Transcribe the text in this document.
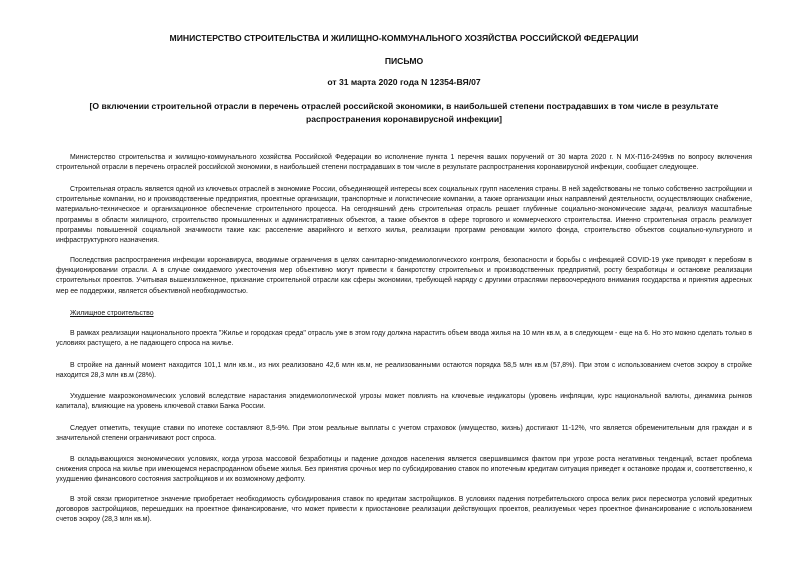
МИНИСТЕРСТВО СТРОИТЕЛЬСТВА И ЖИЛИЩНО-КОММУНАЛЬНОГО ХОЗЯЙСТВА РОССИЙСКОЙ ФЕДЕРАЦИИ
ПИСЬМО
от 31 марта 2020 года N 12354-ВЯ/07
[О включении строительной отрасли в перечень отраслей российской экономики, в наибольшей степени пострадавших в том числе в результате распространения коронавирусной инфекции]

Министерство строительства и жилищно-коммунального хозяйства Российской Федерации во исполнение пункта 1 перечня ваших поручений от 30 марта 2020 г. N МХ-П16-2499кв по вопросу включения строительной отрасли в перечень отраслей российской экономики, в наибольшей степени пострадавших в том числе в результате распространения коронавирусной инфекции, сообщает следующее.

Строительная отрасль является одной из ключевых отраслей в экономике России, объединяющей интересы всех социальных групп населения страны. В ней задействованы не только собственно застройщики и строительные компании, но и производственные предприятия, проектные организации, транспортные и логистические компании, а также организации иных направлений деятельности, осуществляющих снабжение, материально-техническое и организационное обеспечение строительного процесса. На сегодняшний день строительная отрасль решает глубинные социально-экономические задачи, реализуя масштабные программы в области жилищного, строительство промышленных и административных объектов, а также объектов в сфере торгового и коммерческого строительства. Именно строительная отрасль реализует программы повышенной социальной значимости такие как: расселение аварийного и ветхого жилья, реализации программ реновации жилого фонда, строительство объектов социально-культурного и инфраструктурного назначения.

Последствия распространения инфекции коронавируса, вводимые ограничения в целях санитарно-эпидемиологического контроля, безопасности и борьбы с инфекцией COVID-19 уже приводят к перебоям в функционировании отрасли. А в случае ожидаемого ужесточения мер объективно могут привести к банкротству строительных и производственных предприятий, росту безработицы и остановке реализации строительных проектов. Учитывая вышеизложенное, признание строительной отрасли как сферы экономики, требующей наряду с другими отраслями первоочередного внимания государства и принятия адресных мер ее поддержки, является объективной необходимостью.

Жилищное строительство

В рамках реализации национального проекта "Жилье и городская среда" отрасль уже в этом году должна нарастить объем ввода жилья на 10 млн кв.м, а в следующем - еще на 6. Но это можно сделать только в условиях растущего, а не падающего спроса на жилье.

В стройке на данный момент находится 101,1 млн кв.м., из них реализовано 42,6 млн кв.м, не реализованными остаются порядка 58,5 млн кв.м (57,8%). При этом с использованием счетов эскроу в стройке находится 28,3 млн кв.м (28%).

Ухудшение макроэкономических условий вследствие нарастания эпидемиологической угрозы может повлиять на ключевые индикаторы (уровень инфляции, курс национальной валюты, динамика рынков капитала), влияющие на уровень ключевой ставки Банка России.

Следует отметить, текущие ставки по ипотеке составляют 8,5-9%. При этом реальные выплаты с учетом страховок (имущество, жизнь) достигают 11-12%, что является обременительным для граждан и в значительной степени ограничивают рост спроса.

В складывающихся экономических условиях, когда угроза массовой безработицы и падение доходов населения является свершившимся фактом при угрозе роста негативных тенденций, встает проблема снижения спроса на жилье при имеющемся нераспроданном объеме жилья. Без принятия срочных мер по субсидированию ставок по ипотечным кредитам ситуация приведет к остановке продаж и, соответственно, к ухудшению финансового состояния застройщиков и их возможному дефолту.

В этой связи приоритетное значение приобретает необходимость субсидирования ставок по кредитам застройщиков. В условиях падения потребительского спроса велик риск пересмотра условий кредитных договоров застройщиков, перешедших на проектное финансирование, что может привести к приостановке реализации действующих проектов, реализуемых через проектное финансирование с использованием счетов эскроу (28,3 млн кв.м).
